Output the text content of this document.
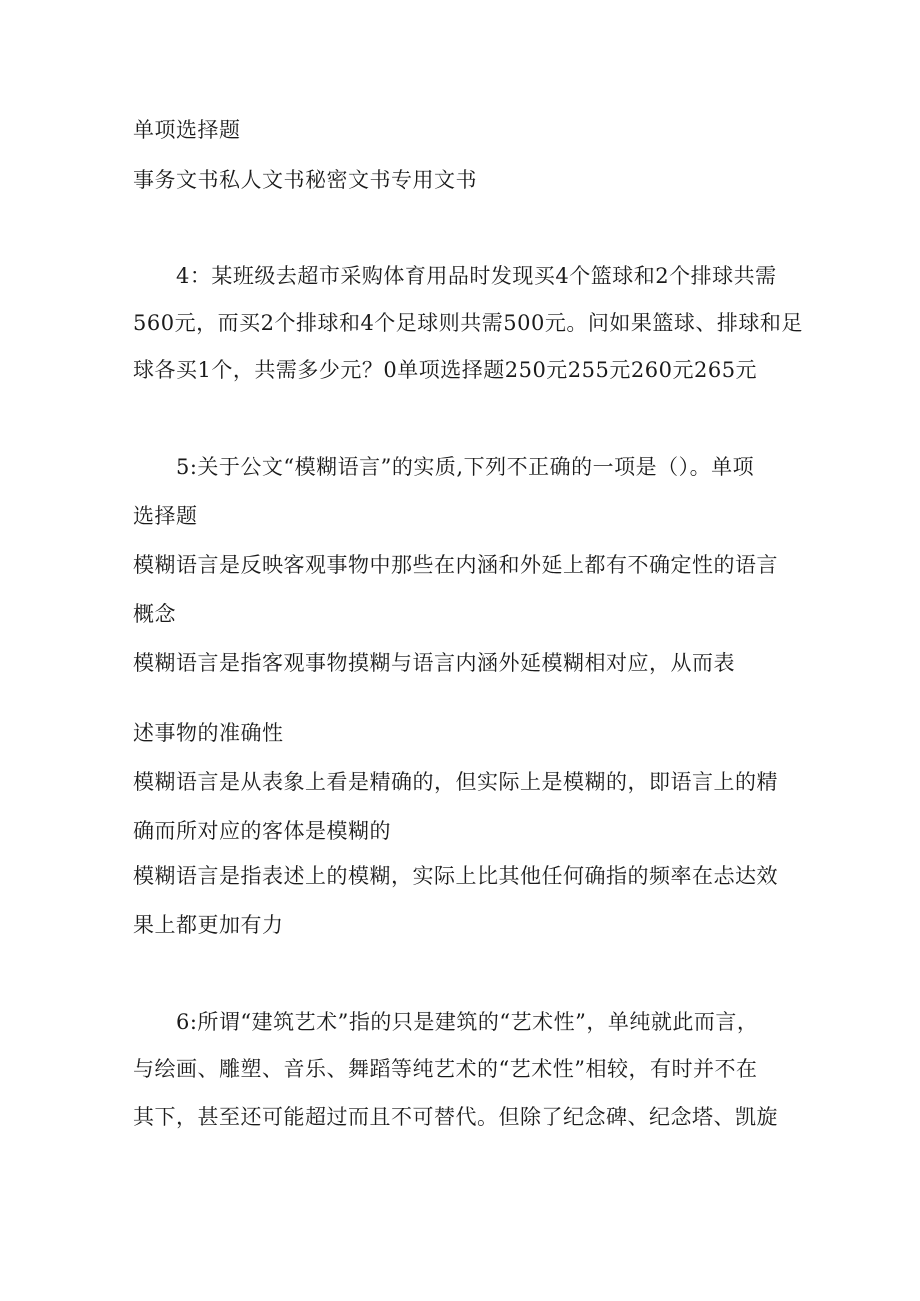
单项选择题

事务文书私人文书秘密文书专用文书

4：某班级去超市采购体育用品时发现买4个篮球和2个排球共需

560元，而买2个排球和4个足球则共需500元。问如果篮球、排球和足

球各买1个，共需多少元？0单项选择题250元255元260元265元

5:关于公文“模糊语言”的实质,下列不正确的一项是（）。单项

选择题

模糊语言是反映客观事物中那些在内涵和外延上都有不确定性的语言

概念

模糊语言是指客观事物摸糊与语言内涵外延模糊相对应，从而表

述事物的准确性

模糊语言是从表象上看是精确的，但实际上是模糊的，即语言上的精

确而所对应的客体是模糊的

模糊语言是指表述上的模糊，实际上比其他任何确指的频率在忐达效

果上都更加有力

6:所谓“建筑艺术”指的只是建筑的“艺术性”，单纯就此而言，

与绘画、雕塑、音乐、舞蹈等纯艺术的“艺术性”相较，有时并不在

其下，甚至还可能超过而且不可替代。但除了纪念碑、纪念塔、凯旋
